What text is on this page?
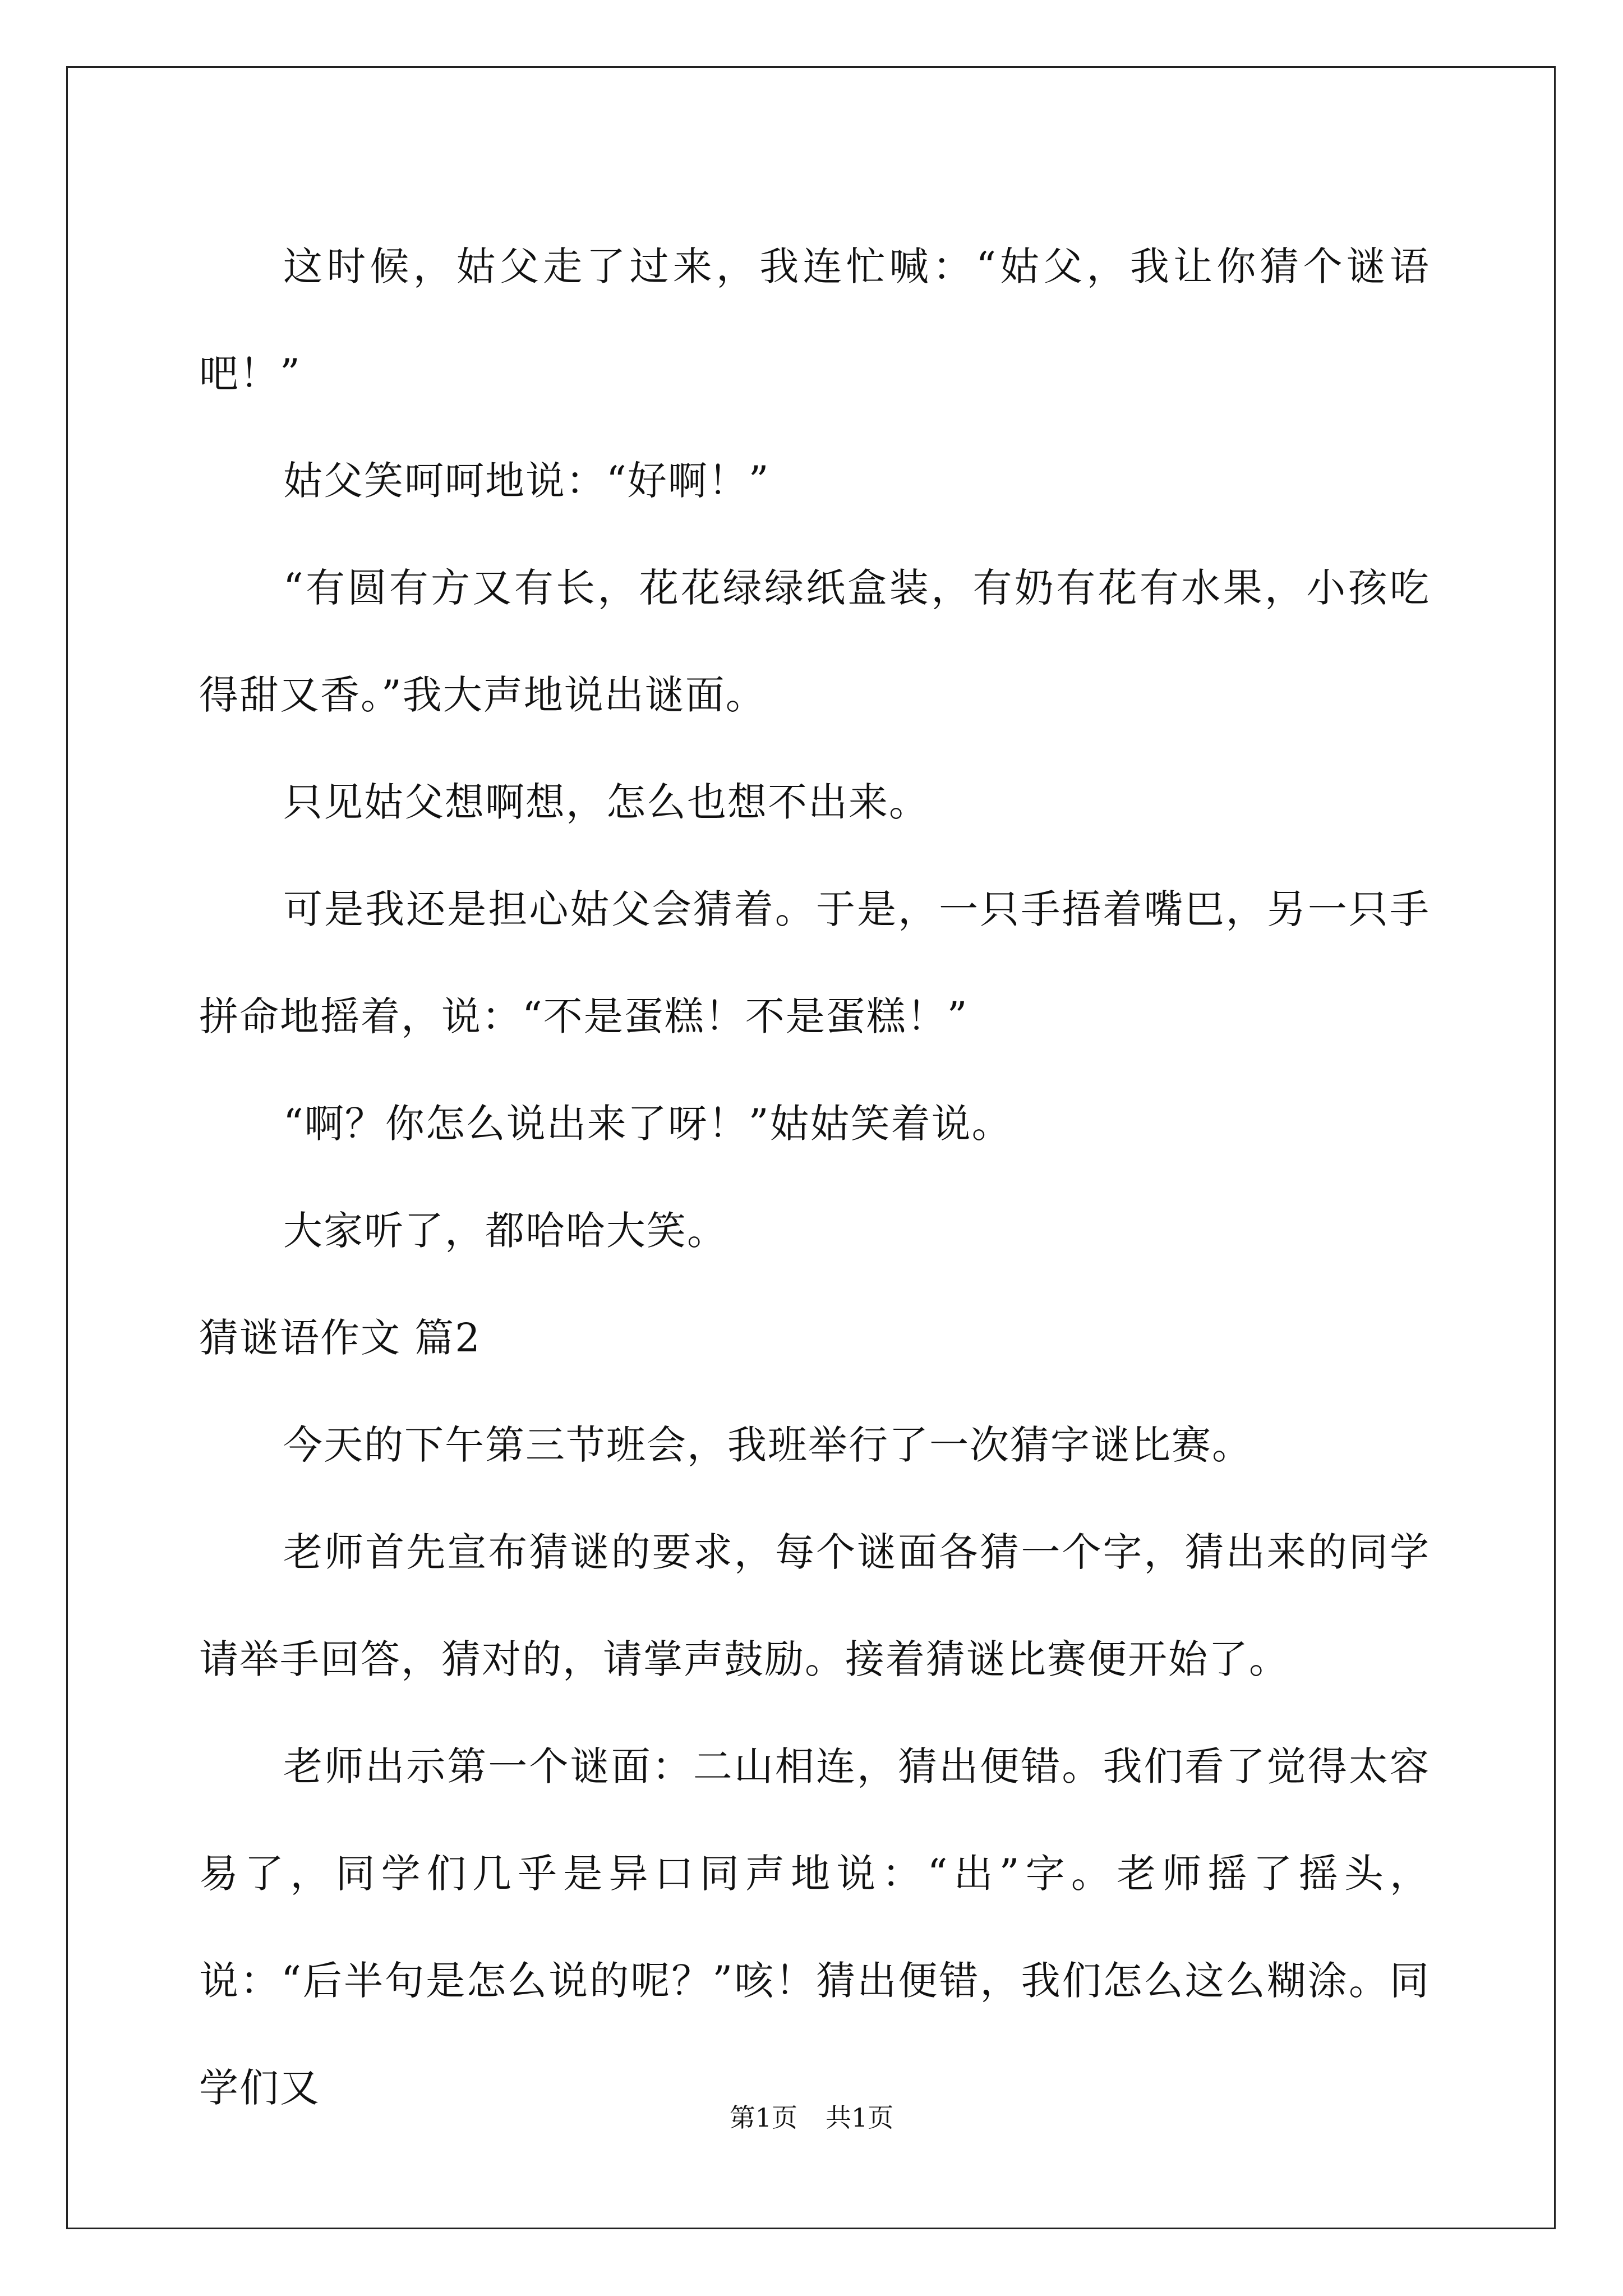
这时候，姑父走了过来，我连忙喊：“姑父，我让你猜个谜语吧！”

姑父笑呵呵地说：“好啊！”

“有圆有方又有长，花花绿绿纸盒装，有奶有花有水果，小孩吃得甜又香。”我大声地说出谜面。

只见姑父想啊想，怎么也想不出来。

可是我还是担心姑父会猜着。于是，一只手捂着嘴巴，另一只手拼命地摇着，说：“不是蛋糕！不是蛋糕！”

“啊？你怎么说出来了呀！”姑姑笑着说。

大家听了，都哈哈大笑。

猜谜语作文 篇2

今天的下午第三节班会，我班举行了一次猜字谜比赛。

老师首先宣布猜谜的要求，每个谜面各猜一个字，猜出来的同学请举手回答，猜对的，请掌声鼓励。接着猜谜比赛便开始了。

老师出示第一个谜面：二山相连，猜出便错。我们看了觉得太容易了，同学们几乎是异口同声地说：“出”字。老师摇了摇头，说：“后半句是怎么说的呢？”咳！猜出便错，我们怎么这么糊涂。同学们又

第1页 共1页
